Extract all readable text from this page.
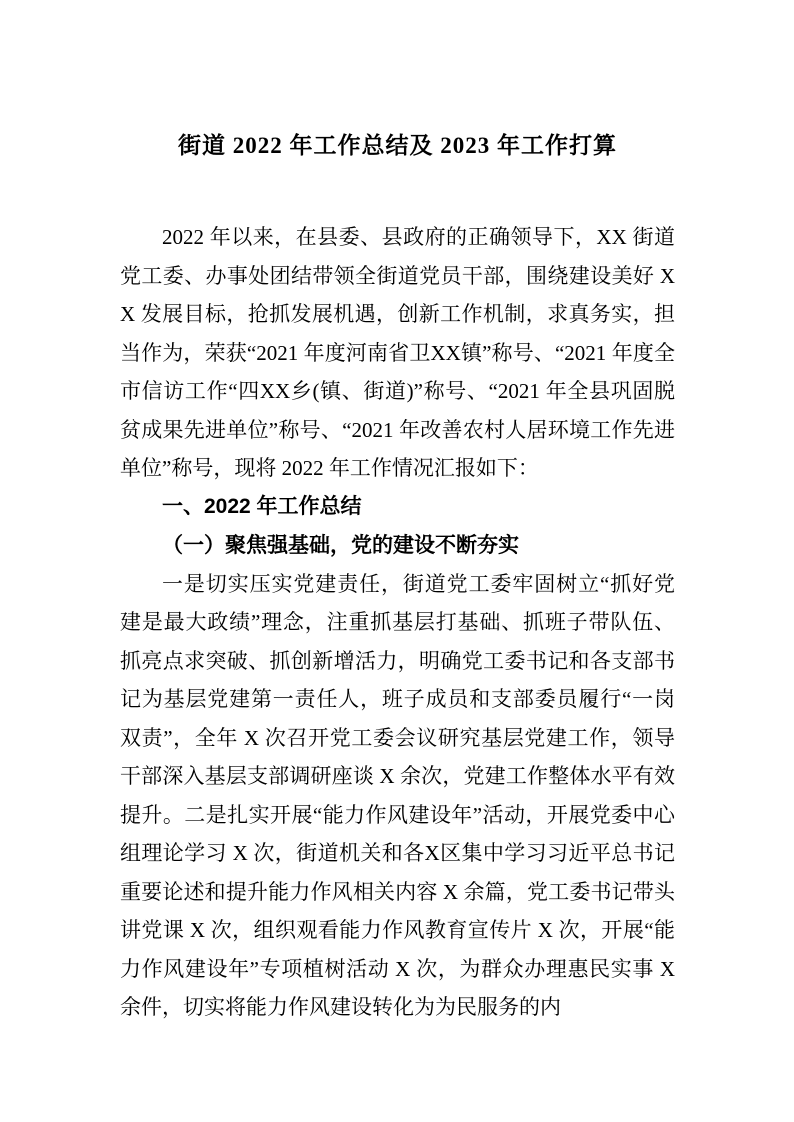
街道 2022 年工作总结及 2023 年工作打算

2022 年以来，在县委、县政府的正确领导下，XX 街道党工委、办事处团结带领全街道党员干部，围绕建设美好 XX 发展目标，抢抓发展机遇，创新工作机制，求真务实，担当作为，荣获“2021 年度河南省卫XX镇”称号、“2021 年度全市信访工作“四XX乡(镇、街道)”称号、“2021 年全县巩固脱贫成果先进单位”称号、“2021 年改善农村人居环境工作先进单位”称号，现将 2022 年工作情况汇报如下：

一、2022 年工作总结
（一）聚焦强基础，党的建设不断夯实

一是切实压实党建责任，街道党工委牢固树立“抓好党建是最大政绩”理念，注重抓基层打基础、抓班子带队伍、抓亮点求突破、抓创新增活力，明确党工委书记和各支部书记为基层党建第一责任人，班子成员和支部委员履行“一岗双责”，全年 X 次召开党工委会议研究基层党建工作，领导干部深入基层支部调研座谈 X 余次，党建工作整体水平有效提升。二是扎实开展“能力作风建设年”活动，开展党委中心组理论学习 X 次，街道机关和各X区集中学习习近平总书记重要论述和提升能力作风相关内容 X 余篇，党工委书记带头讲党课 X 次，组织观看能力作风教育宣传片 X 次，开展“能力作风建设年”专项植树活动 X 次，为群众办理惠民实事 X 余件，切实将能力作风建设转化为为民服务的内
